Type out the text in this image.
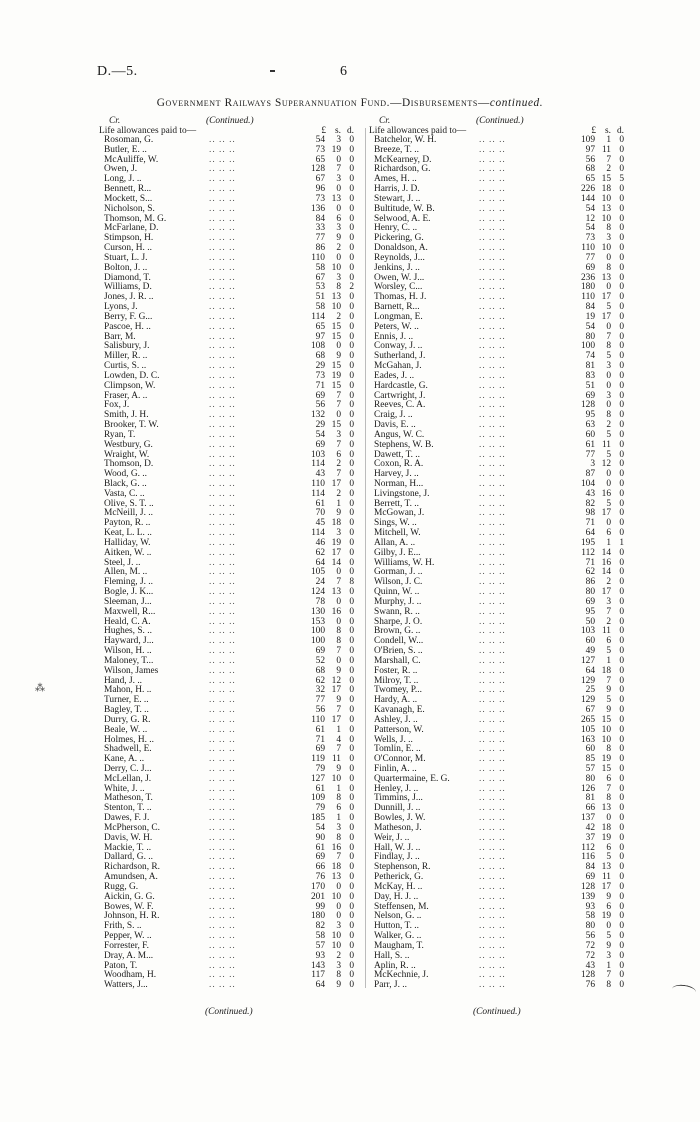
D.—5.	6
Government Railways Superannuation Fund.—Disbursements—continued.
Cr.	(Continued.)
Life allowances paid to—	£ s. d.
Rosoman, G. ..	54	3 0
Butler, E. .. ..	73 19 0
McAuliffe, W. ..	65	0 0
Owen, J. ..	128	7 0
Long, J. .. ..	67	3 0
Bennett, R... ..	96	0 0
Mockett, S... ..	73 13 0
Nicholson, S. ..	136	0 0
Thomson, M. G. ..	84	6 0
McFarlane, D. ..	33	3 0
Stimpson, H. ..	77	9 0
Curson, H. .. ..	86	2 0
Stuart, L. J. ..	110	0 0
Bolton, J. .. ..	58 10 0
Diamond, T. ..	67	3 0
Williams, D. ..	53	8 2
Jones, J. R. .. ..	51 13 0
Lyons, J. ..	58 10 0
Berry, F. G... ..	114	2 0
Pascoe, H. .. ..	65 15 0
Barr, M. ..	97 15 0
Salisbury, J. ..	108	0 0
Miller, R. .. ..	68	9 0
Curtis, S. .. ..	29 15 0
Lowden, D. C. ..	73 19 0
Climpson, W. ..	71 15 0
Fraser, A. .. ..	69	7 0
Fox, J. ..	56	7 0
Smith, J. H. ..	132	0 0
Brooker, T. W. ..	29 15 0
Ryan, T. ..	54	3 0
Westbury, G. ..	69	7 0
Wraight, W. ..	103	6 0
Thomson, D. ..	114	2 0
Wood, G. .. ..	43	7 0
Black, G. .. ..	110 17 0
Vasta, C. .. ..	114	2 0
Olive, S. T. .. ..	61	1 0
McNeill, J. .. ..	70	9 0
Payton, R. .. ..	45 18 0
Keat, L. L. .. ..	114	3 0
Halliday, W. ..	46 19 0
Aitken, W. .. ..	62 17 0
Steel, J. .. ..	64 14 0
Allen, M. .. ..	105	0 0
Fleming, J. .. ..	24	7 8
Bogle, J. K... ..	124 13 0
Sleeman, J... ..	78	0 0
Maxwell, R... ..	130 16 0
Heald, C. A. ..	153	0 0
Hughes, S. .. ..	100	8 0
Hayward, J... ..	100	8 0
Wilson, H. .. ..	69	7 0
Maloney, T... ..	52	0 0
Wilson, James ..	68	9 0
Hand, J. .. ..	62 12 0
Mahon, H. .. ..	32 17 0
Turner, E. .. ..	77	9 0
Bagley, T. .. ..	56	7 0
Durry, G. R. ..	110 17 0
Beale, W. .. ..	61	1 0
Holmes, H. .. ..	71	4 0
Shadwell, E. ..	69	7 0
Kane, A. .. ..	119 11 0
Derry, C. J... ..	79	9 0
McLellan, J. ..	127 10 0
White, J. .. ..	61	1 0
Matheson, T. ..	109	8 0
Stenton, T. .. ..	79	6 0
Dawes, F. J. ..	185	1 0
McPherson, C. ..	54	3 0
Davis, W. H. ..	90	8 0
Mackie, T. .. ..	61 16 0
Dallard, G. .. ..	69	7 0
Richardson, R. ..	66 18 0
Amundsen, A. ..	76 13 0
Rugg, G. ..	170	0 0
Aickin, G. G. ..	201 10 0
Bowes, W. F. ..	99	0 0
Johnson, H. R. ..	180	0 0
Frith, S. .. ..	82	3 0
Pepper, W. .. ..	58 10 0
Forrester, F. ..	57 10 0
Dray, A. M... ..	93	2 0
Paton, T. ..	143	3 0
Woodham, H. ..	117	8 0
Watters, J... ..	64	9 0
Cr.	(Continued.)
Life allowances paid to—	£ s. d.
Batchelor, W. H. ..	109	1 0
Breeze, T. .. ..	97 11 0
McKearney, D. ..	56	7 0
Richardson, G. ..	68	2 0
Ames, H. .. ..	65 15 5
Harris, J. D. ..	226 18 0
Stewart, J. .. ..	144 10 0
Bultitude, W. B. ..	54 13 0
Selwood, A. E. ..	12 10 0
Henry, C. .. ..	54	8 0
Pickering, G. ..	73	3 0
Donaldson, A. ..	110 10 0
Reynolds, J... ..	77	0 0
Jenkins, J. .. ..	69	8 0
Owen, W. J... ..	236 13 0
Worsley, C... ..	180	0 0
Thomas, H. J. ..	110 17 0
Barnett, R... ..	84	5 0
Longman, E. ..	19 17 0
Peters, W. .. ..	54	0 0
Ennis, J. .. ..	80	7 0
Conway, J. .. ..	100	8 0
Sutherland, J. ..	74	5 0
McGahan, J. ..	81	3 0
Eades, J. .. ..	83	0 0
Hardcastle, G. ..	51	0 0
Cartwright, J. ..	69	3 0
Reeves, C. A. ..	128	0 0
Craig, J. .. ..	95	8 0
Davis, E. .. ..	63	2 0
Angus, W. C. ..	60	5 0
Stephens, W. B. ..	61 11 0
Dawett, T. .. ..	77	5 0
Coxon, R. A. ..	3 12 0
Harvey, J. .. ..	87	0 0
Norman, H... ..	104	0 0
Livingstone, J. ..	43 16 0
Berrett, T. .. ..	82	5 0
McGowan, J. ..	98 17 0
Sings, W. .. ..	71	0 0
Mitchell, W. ..	64	6 0
Allan, A. .. ..	195	1 1
Gilby, J. E... ..	112 14 0
Williams, W. H. ..	71 16 0
Gorman, J. .. ..	62 14 0
Wilson, J. C. ..	86	2 0
Quinn, W. .. ..	80 17 0
Murphy, J. .. ..	69	3 0
Swann, R. .. ..	95	7 0
Sharpe, J. O. ..	50	2 0
Brown, G. .. ..	103 11 0
Condell, W... ..	60	6 0
O'Brien, S. .. ..	49	5 0
Marshall, C. ..	127	1 0
Foster, R. .. ..	64 18 0
Milroy, T. .. ..	129	7 0
Twomey, P... ..	25	9 0
Hardy, A. .. ..	129	5 0
Kavanagh, E. ..	67	9 0
Ashley, J. .. ..	265 15 0
Patterson, W. ..	105 10 0
Wells, J. .. ..	163 10 0
Tomlin, E. .. ..	60	8 0
O'Connor, M. ..	85 19 0
Finlin, A. .. ..	57 15 0
Quartermaine, E. G. ..	80	6 0
Henley, J. .. ..	126	7 0
Timmins, J... ..	81	8 0
Dunnill, J. .. ..	66 13 0
Bowles, J. W. ..	137	0 0
Matheson, J. ..	42 18 0
Weir, J. .. ..	37 19 0
Hall, W. J. .. ..	112	6 0
Findlay, J. .. ..	116	5 0
Stephenson, R. ..	84 13 0
Petherick, G. ..	69 11 0
McKay, H. .. ..	128 17 0
Day, H. J. .. ..	139	9 0
Steffensen, M. ..	93	6 0
Nelson, G. .. ..	58 19 0
Hutton, T. .. ..	80	0 0
Walker, G. .. ..	56	5 0
Maugham, T. ..	72	9 0
Hall, S. .. ..	72	3 0
Aplin, R. .. ..	43	1 0
McKechnie, J. ..	128	7 0
Parr, J. .. ..	76	8 0
(Continued.)	(Continued.)
⁂
